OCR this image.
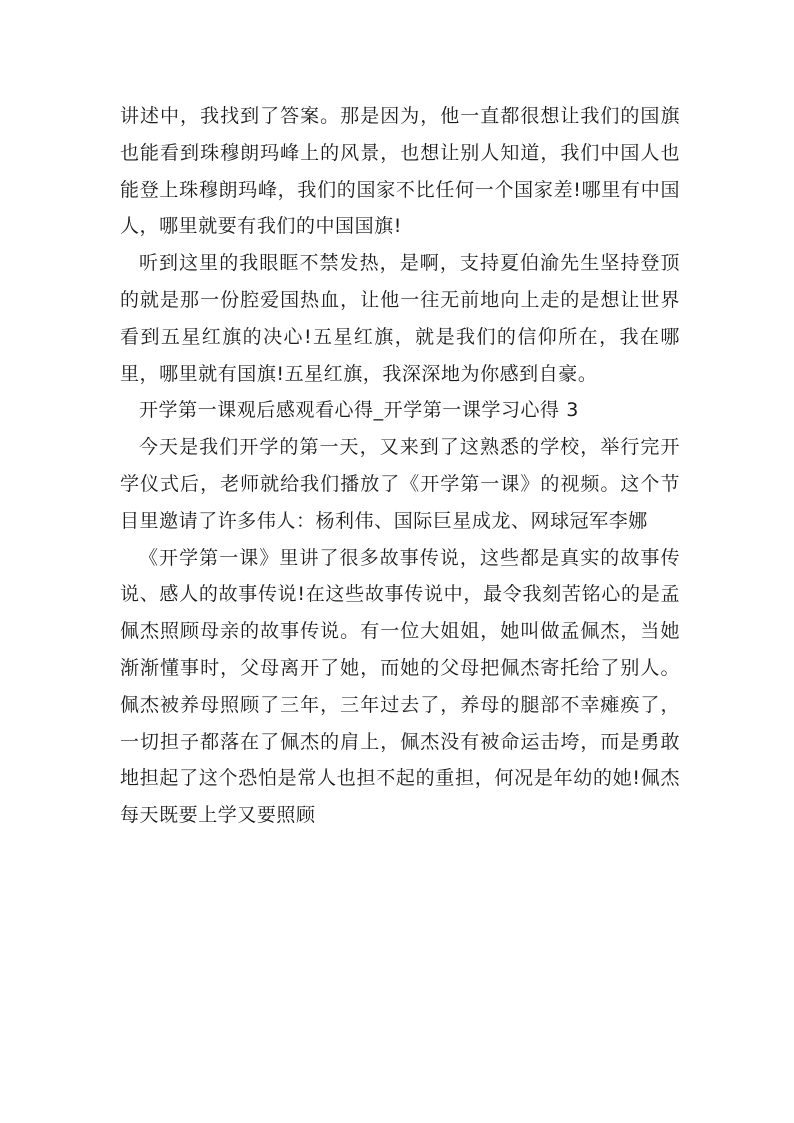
讲述中，我找到了答案。那是因为，他一直都很想让我们的国旗也能看到珠穆朗玛峰上的风景，也想让别人知道，我们中国人也能登上珠穆朗玛峰，我们的国家不比任何一个国家差!哪里有中国人，哪里就要有我们的中国国旗!

听到这里的我眼眶不禁发热，是啊，支持夏伯渝先生坚持登顶的就是那一份腔爱国热血，让他一往无前地向上走的是想让世界看到五星红旗的决心!五星红旗，就是我们的信仰所在，我在哪里，哪里就有国旗!五星红旗，我深深地为你感到自豪。

开学第一课观后感观看心得_开学第一课学习心得 3

今天是我们开学的第一天，又来到了这熟悉的学校，举行完开学仪式后，老师就给我们播放了《开学第一课》的视频。这个节目里邀请了许多伟人：杨利伟、国际巨星成龙、网球冠军李娜

《开学第一课》里讲了很多故事传说，这些都是真实的故事传说、感人的故事传说!在这些故事传说中，最令我刻苦铭心的是孟佩杰照顾母亲的故事传说。有一位大姐姐，她叫做孟佩杰，当她渐渐懂事时，父母离开了她，而她的父母把佩杰寄托给了别人。佩杰被养母照顾了三年，三年过去了，养母的腿部不幸瘫痪了，一切担子都落在了佩杰的肩上，佩杰没有被命运击垮，而是勇敢地担起了这个恐怕是常人也担不起的重担，何况是年幼的她!佩杰每天既要上学又要照顾
